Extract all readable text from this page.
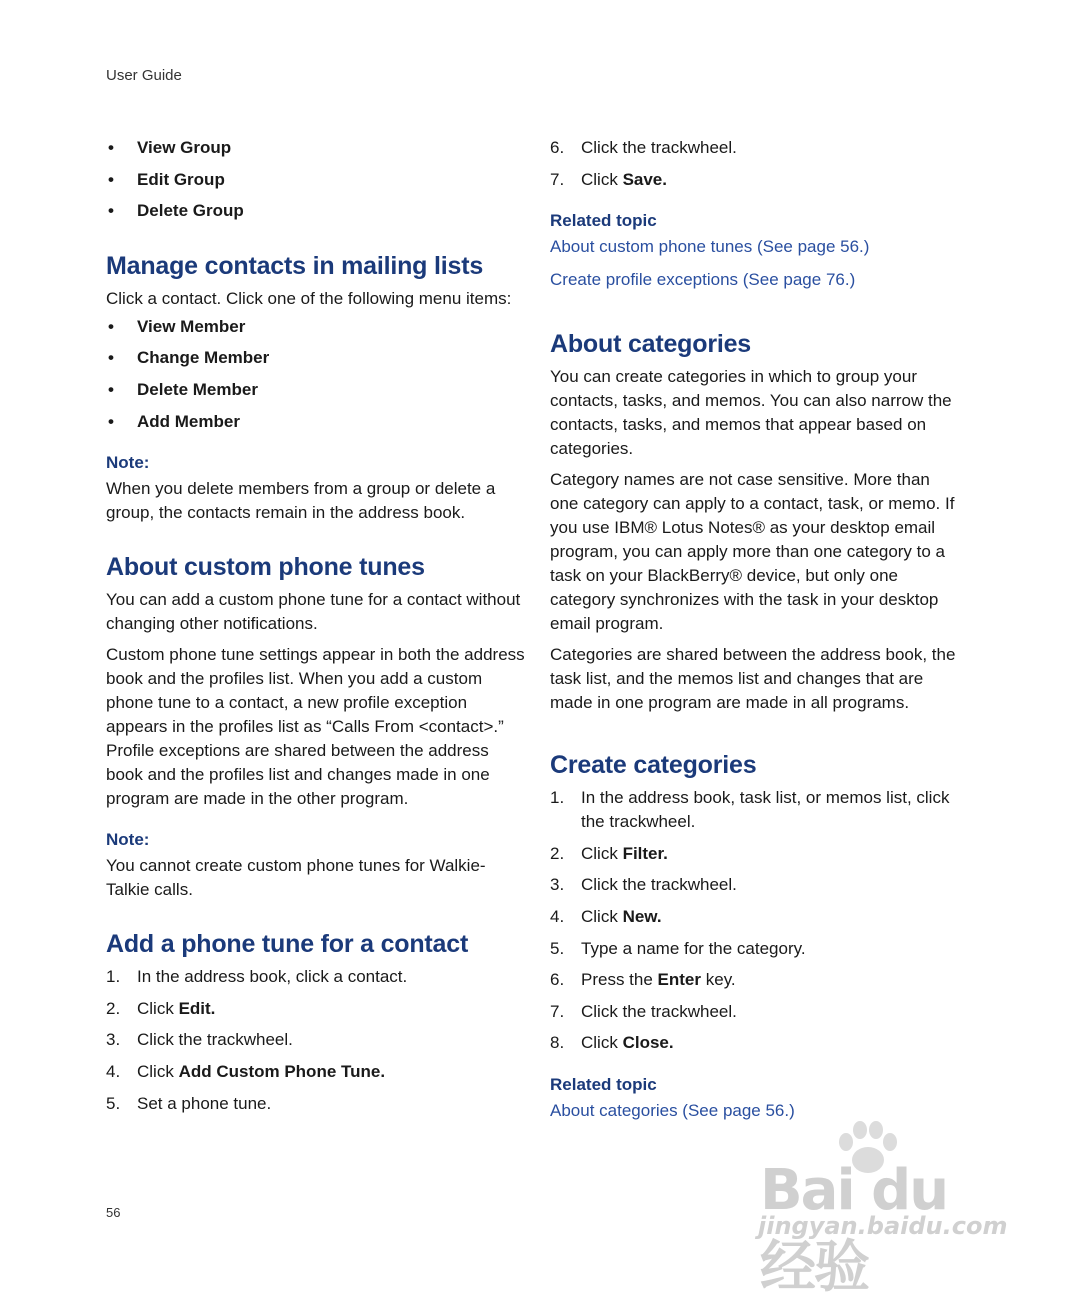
User Guide
• View Group
• Edit Group
• Delete Group
Manage contacts in mailing lists

Click a contact. Click one of the following menu items:

• View Member
• Change Member
• Delete Member
• Add Member
Note:

When you delete members from a group or delete a group, the contacts remain in the address book.

About custom phone tunes

You can add a custom phone tune for a contact without changing other notifications.

Custom phone tune settings appear in both the address book and the profiles list. When you add a custom phone tune to a contact, a new profile exception appears in the profiles list as “Calls From <contact>.” Profile exceptions are shared between the address book and the profiles list and changes made in one program are made in the other program.

Note:

You cannot create custom phone tunes for Walkie-Talkie calls.

Add a phone tune for a contact
1. In the address book, click a contact.
2. Click Edit.
3. Click the trackwheel.
4. Click Add Custom Phone Tune.
5. Set a phone tune.
6. Click the trackwheel.
7. Click Save.
Related topic
About custom phone tunes (See page 56.)
Create profile exceptions (See page 76.)
About categories

You can create categories in which to group your contacts, tasks, and memos. You can also narrow the contacts, tasks, and memos that appear based on categories.

Category names are not case sensitive. More than one category can apply to a contact, task, or memo. If you use IBM® Lotus Notes® as your desktop email program, you can apply more than one category to a task on your BlackBerry® device, but only one category synchronizes with the task in your desktop email program.

Categories are shared between the address book, the task list, and the memos list and changes that are made in one program are made in all programs.

Create categories
1. In the address book, task list, or memos list, click the trackwheel.
2. Click Filter.
3. Click the trackwheel.
4. Click New.
5. Type a name for the category.
6. Press the Enter key.
7. Click the trackwheel.
8. Click Close.
Related topic
About categories (See page 56.)
Bai du 经验
jingyan.baidu.com
56
